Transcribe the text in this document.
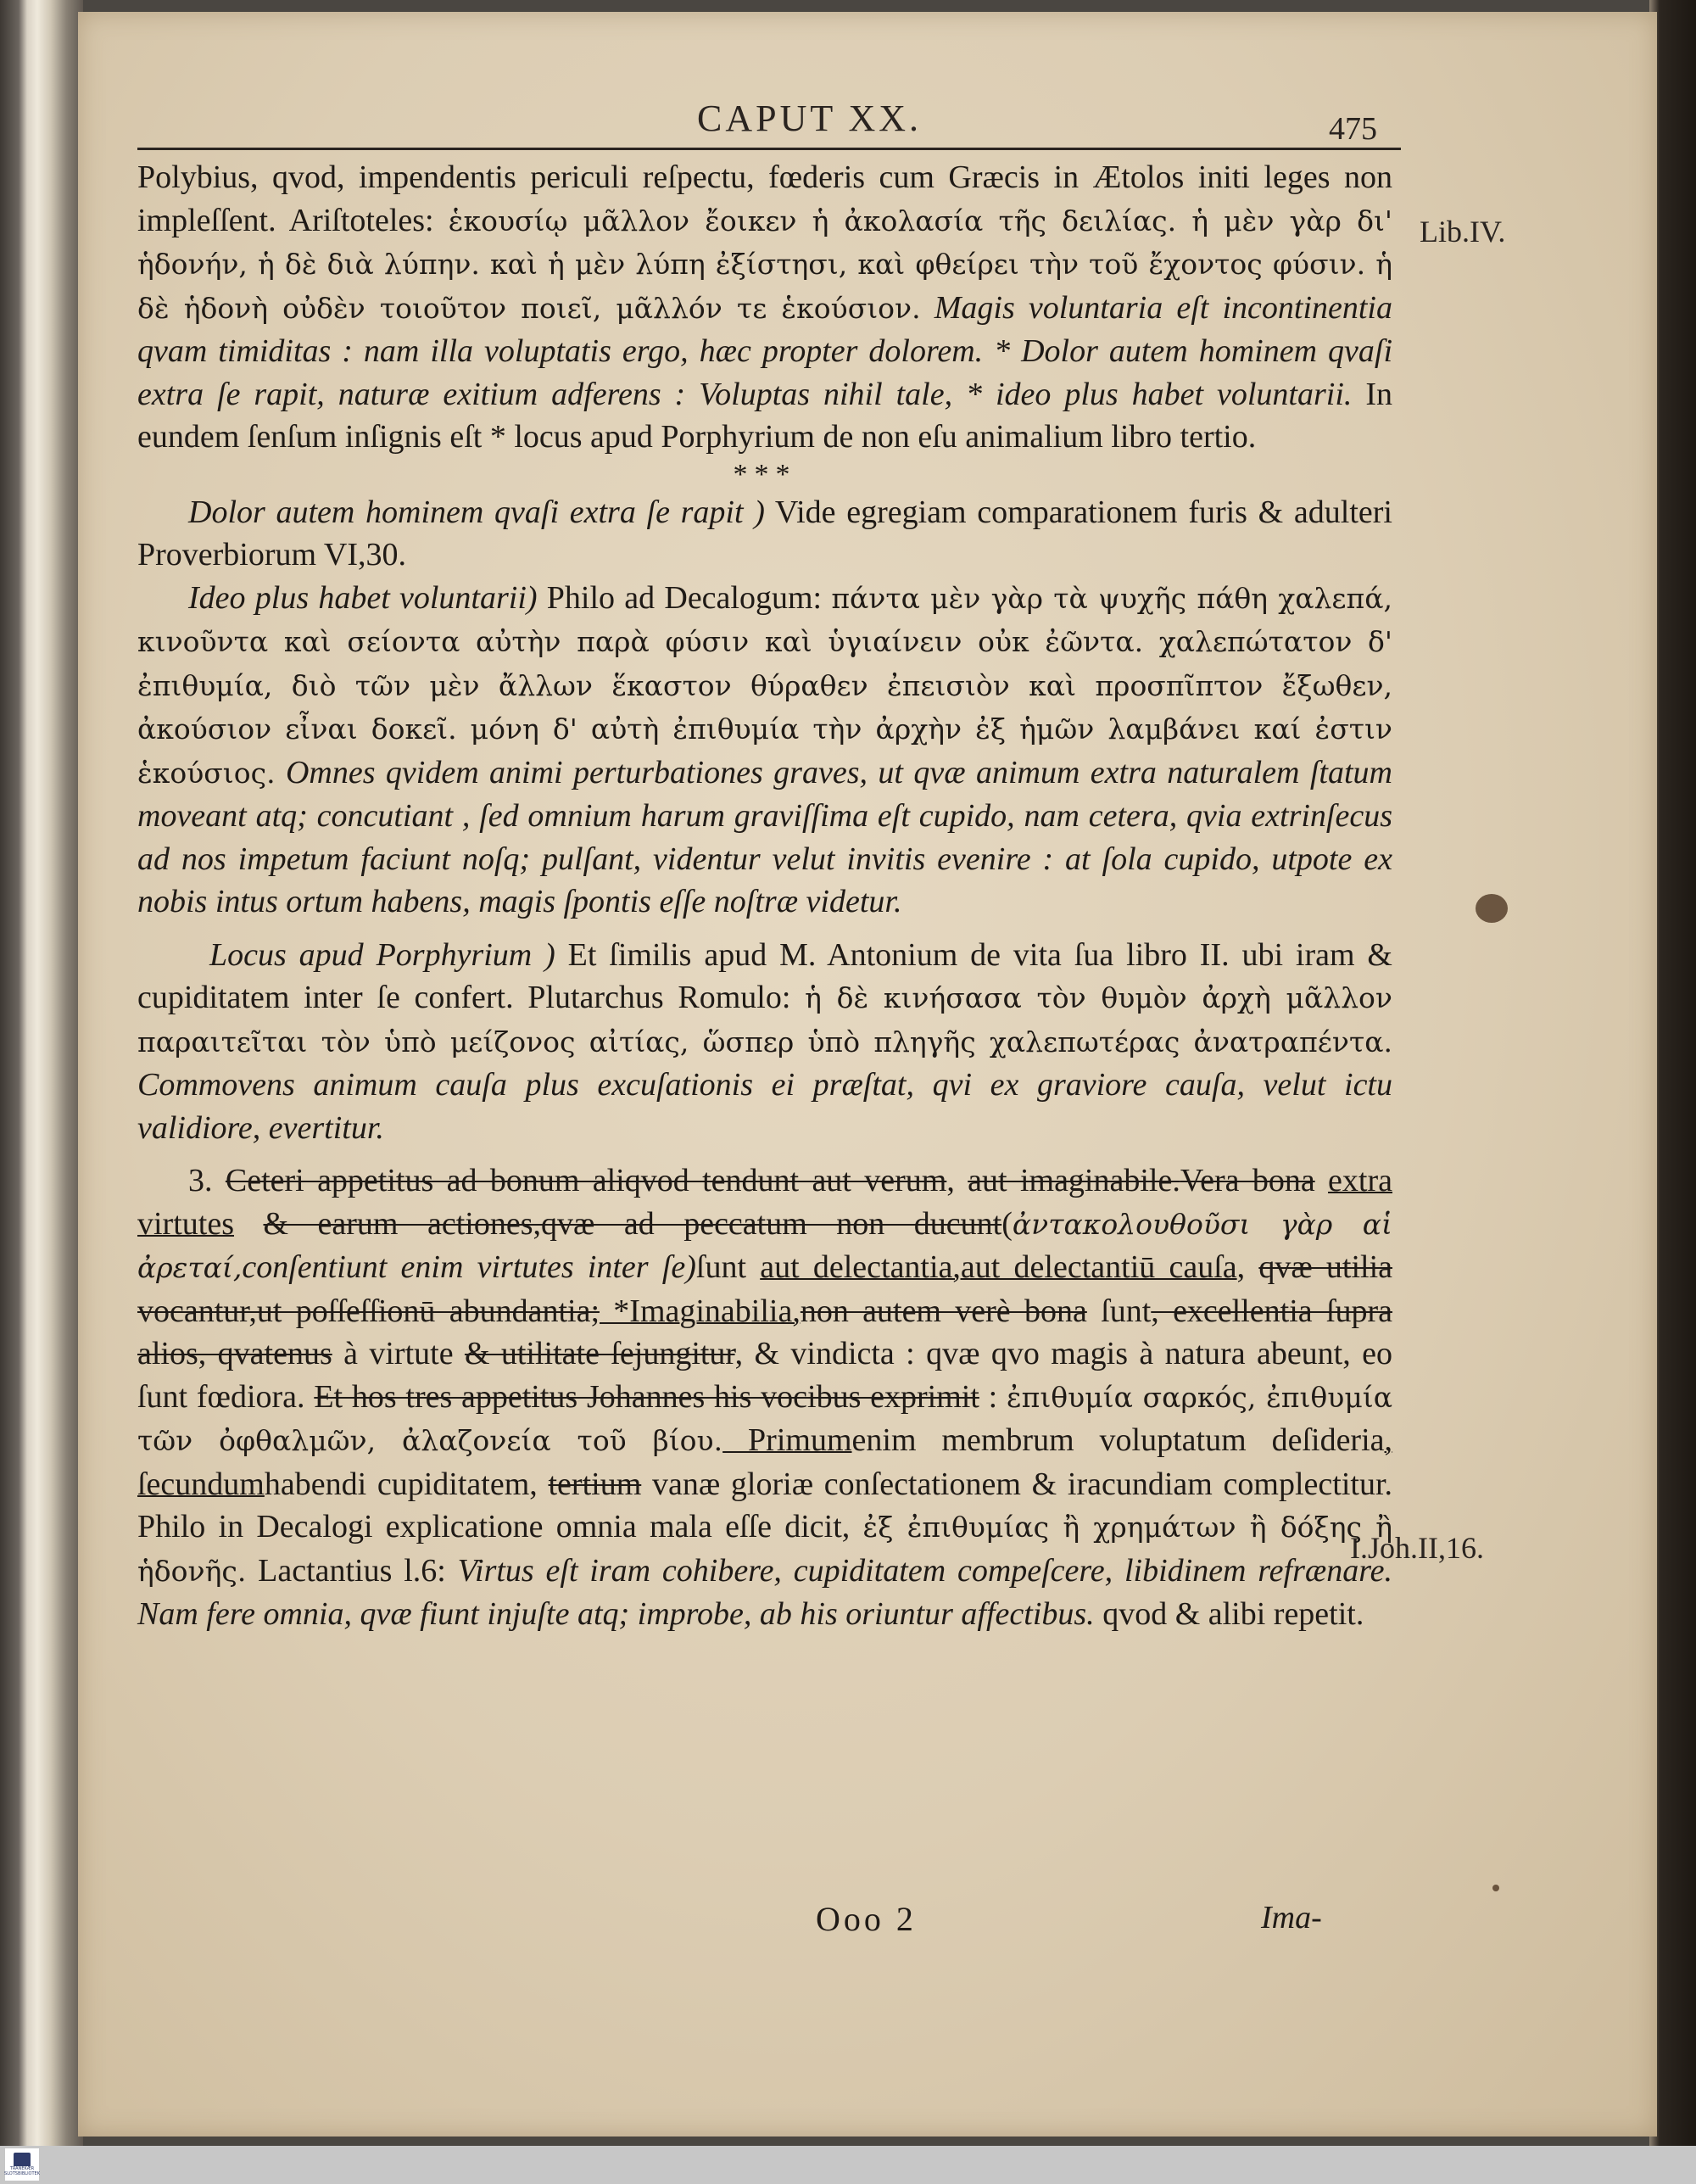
CAPUT XX.	475
Lib.IV.
I.Joh.II,16.

Polybius, qvod, impendentis periculi reſpectu, fœderis cum Græcis in Ætolos initi leges non impleſſent. Ariſtoteles: ἑκουσίῳ μᾶλλον ἔοικεν ἡ ἀκολασία τῆς δειλίας. ἡ μὲν γὰρ δι' ἡδονήν, ἡ δὲ διὰ λύπην. καὶ ἡ μὲν λύπη ἐξίστησι, καὶ φθείρει τὴν τοῦ ἔχοντος φύσιν. ἡ δὲ ἡδονὴ οὐδὲν τοιοῦτον ποιεῖ, μᾶλλόν τε ἑκούσιον. Magis voluntaria eſt incontinentia qvam timiditas : nam illa voluptatis ergo, hæc propter dolorem. * Dolor autem hominem qvaſi extra ſe rapit, naturæ exitium adferens : Voluptas nihil tale, * ideo plus habet voluntarii. In eundem ſenſum inſignis eſt * locus apud Porphyrium de non eſu animalium libro tertio.

***

Dolor autem hominem qvaſi extra ſe rapit ) Vide egregiam comparationem furis & adulteri Proverbiorum VI,30.

Ideo plus habet voluntarii) Philo ad Decalogum: πάντα μὲν γὰρ τὰ ψυχῆς πάθη χαλεπά, κινοῦντα καὶ σείοντα αὐτὴν παρὰ φύσιν καὶ ὑγιαίνειν οὐκ ἐῶντα. χαλεπώτατον δ' ἐπιθυμία, διὸ τῶν μὲν ἄλλων ἕκαστον θύραθεν ἐπεισιὸν καὶ προσπῖπτον ἔξωθεν, ἀκούσιον εἶναι δοκεῖ. μόνη δ' αὐτὴ ἐπιθυμία τὴν ἀρχὴν ἐξ ἡμῶν λαμβάνει καί ἐστιν ἑκούσιος. Omnes qvidem animi perturbationes graves, ut qvæ animum extra naturalem ſtatum moveant atq; concutiant , ſed omnium harum graviſſima eſt cupido, nam cetera, qvia extrinſecus ad nos impetum faciunt noſq; pulſant, videntur velut invitis evenire : at ſola cupido, utpote ex nobis intus ortum habens, magis ſpontis eſſe noſtræ videtur.

Locus apud Porphyrium ) Et ſimilis apud M. Antonium de vita ſua libro II. ubi iram & cupiditatem inter ſe confert. Plutarchus Romulo: ἡ δὲ κινήσασα τὸν θυμὸν ἀρχὴ μᾶλλον παραιτεῖται τὸν ὑπὸ μείζονος αἰτίας, ὥσπερ ὑπὸ πληγῆς χαλεπωτέρας ἀνατραπέντα. Commovens animum cauſa plus excuſationis ei præſtat, qvi ex graviore cauſa, velut ictu validiore, evertitur.

3. Ceteri appetitus ad bonum aliqvod tendunt aut verum, aut imaginabile.Vera bona extra virtutes & earum actiones,qvæ ad peccatum non ducunt(ἀντακολουθοῦσι γὰρ αἱ ἀρεταί,conſentiunt enim virtutes inter ſe)ſunt aut delectantia,aut delectantiū cauſa, qvæ utilia vocantur,ut poſſeſſionū abundantia; *Imaginabilia,non autem verè bona ſunt, excellentia ſupra alios, qvatenus à virtute & utilitate ſejungitur, & vindicta : qvæ qvo magis à natura abeunt, eo ſunt fœdiora. Et hos tres appetitus Johannes his vocibus exprimit : ἐπιθυμία σαρκός, ἐπιθυμία τῶν ὀφθαλμῶν, ἀλαζονεία τοῦ βίου. Primumenim membrum voluptatum deſideria, ſecundumhabendi cupiditatem, tertium vanæ gloriæ conſectationem & iracundiam complectitur. Philo in Decalogi explicatione omnia mala eſſe dicit, ἐξ ἐπιθυμίας ἢ χρημάτων ἢ δόξης ἢ ἡδονῆς. Lactantius l.6: Virtus eſt iram cohibere, cupiditatem compeſcere, libidinem refrænare. Nam fere omnia, qvæ fiunt injuſte atq; improbe, ab his oriuntur affectibus. qvod & alibi repetit.

Ooo 2	Ima-
TRANEKÆR SLOTSBIBLIOTEK
